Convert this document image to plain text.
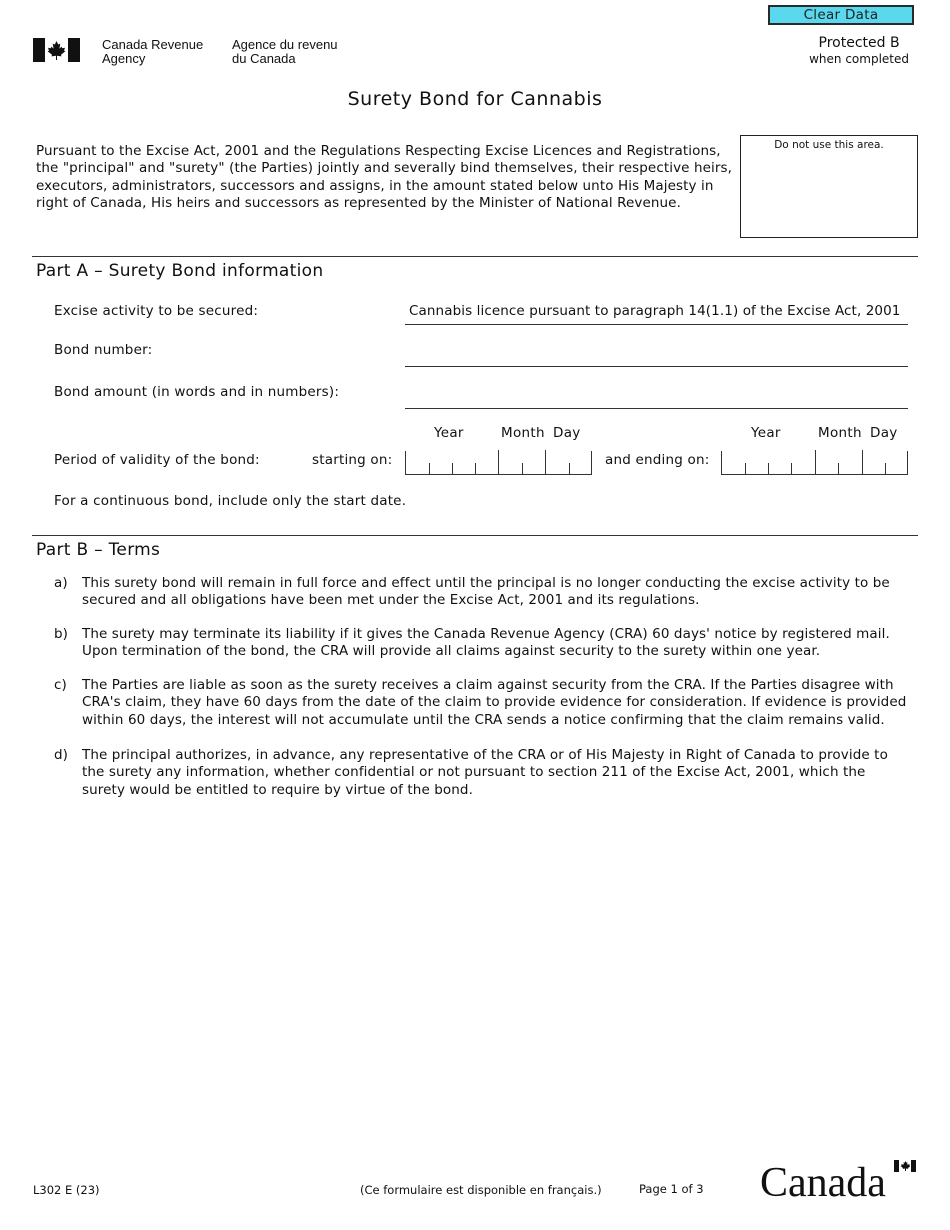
Clear Data
Canada Revenue
Agency
Agence du revenu
du Canada
Protected B
when completed
Surety Bond for Cannabis
Pursuant to the Excise Act, 2001 and the Regulations Respecting Excise Licences and Registrations, the "principal" and "surety" (the Parties) jointly and severally bind themselves, their respective heirs, executors, administrators, successors and assigns, in the amount stated below unto His Majesty in right of Canada, His heirs and successors as represented by the Minister of National Revenue.
Do not use this area.
Part A – Surety Bond information
Excise activity to be secured:	Cannabis licence pursuant to paragraph 14(1.1) of the Excise Act, 2001
Bond number:
Bond amount (in words and in numbers):
Year	Month Day	Year	Month Day
Period of validity of the bond:	starting on:	and ending on:
For a continuous bond, include only the start date.
Part B – Terms
a) This surety bond will remain in full force and effect until the principal is no longer conducting the excise activity to be secured and all obligations have been met under the Excise Act, 2001 and its regulations.
b) The surety may terminate its liability if it gives the Canada Revenue Agency (CRA) 60 days' notice by registered mail. Upon termination of the bond, the CRA will provide all claims against security to the surety within one year.
c) The Parties are liable as soon as the surety receives a claim against security from the CRA. If the Parties disagree with CRA's claim, they have 60 days from the date of the claim to provide evidence for consideration. If evidence is provided within 60 days, the interest will not accumulate until the CRA sends a notice confirming that the claim remains valid.
d) The principal authorizes, in advance, any representative of the CRA or of His Majesty in Right of Canada to provide to the surety any information, whether confidential or not pursuant to section 211 of the Excise Act, 2001, which the surety would be entitled to require by virtue of the bond.
L302 E (23)	(Ce formulaire est disponible en français.)	Page 1 of 3 Canada
